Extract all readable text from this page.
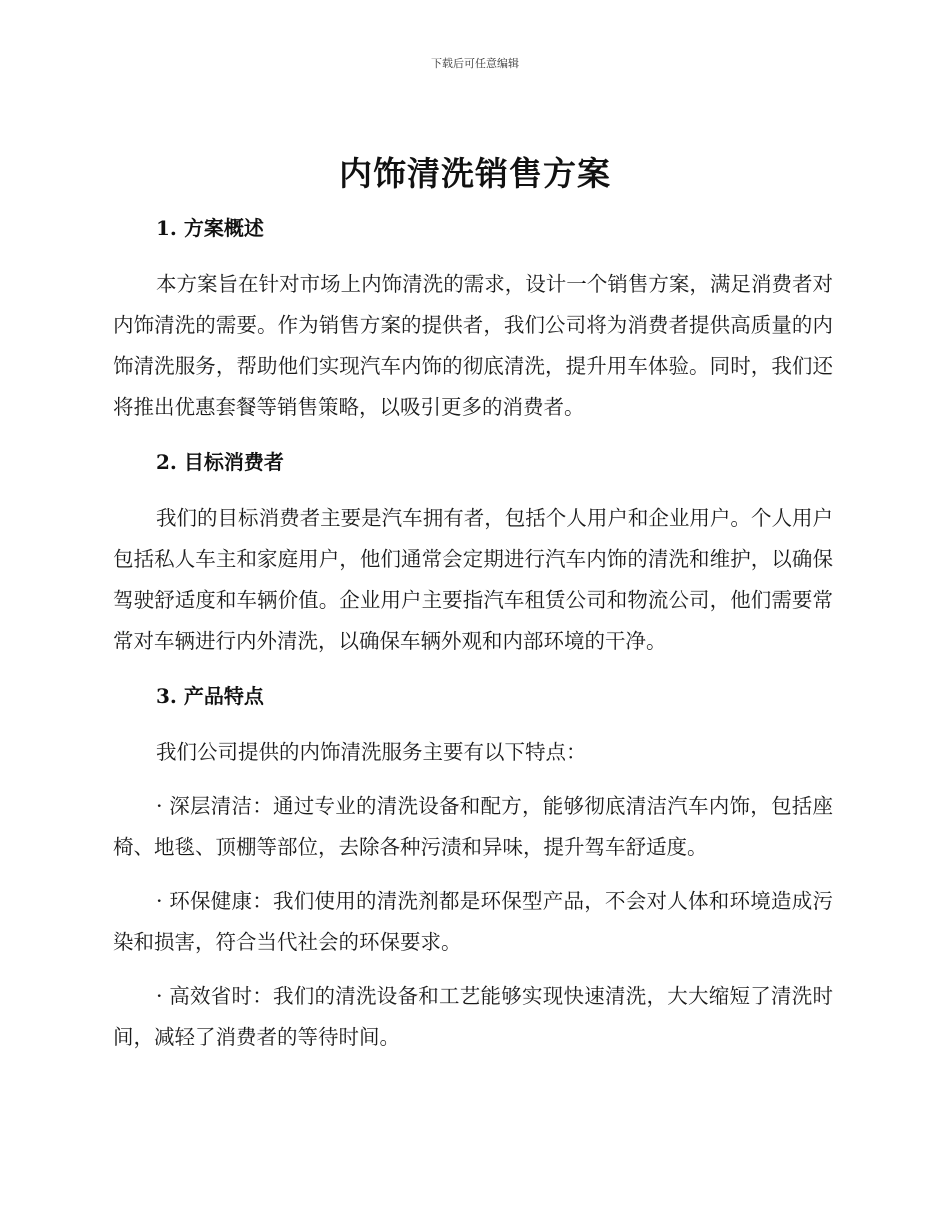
下载后可任意编辑
内饰清洗销售方案
1. 方案概述

本方案旨在针对市场上内饰清洗的需求，设计一个销售方案，满足消费者对内饰清洗的需要。作为销售方案的提供者，我们公司将为消费者提供高质量的内饰清洗服务，帮助他们实现汽车内饰的彻底清洗，提升用车体验。同时，我们还将推出优惠套餐等销售策略，以吸引更多的消费者。

2. 目标消费者

我们的目标消费者主要是汽车拥有者，包括个人用户和企业用户。个人用户包括私人车主和家庭用户，他们通常会定期进行汽车内饰的清洗和维护，以确保驾驶舒适度和车辆价值。企业用户主要指汽车租赁公司和物流公司，他们需要常常对车辆进行内外清洗，以确保车辆外观和内部环境的干净。

3. 产品特点

我们公司提供的内饰清洗服务主要有以下特点：

· 深层清洁：通过专业的清洗设备和配方，能够彻底清洁汽车内饰，包括座椅、地毯、顶棚等部位，去除各种污渍和异味，提升驾车舒适度。

· 环保健康：我们使用的清洗剂都是环保型产品，不会对人体和环境造成污染和损害，符合当代社会的环保要求。

· 高效省时：我们的清洗设备和工艺能够实现快速清洗，大大缩短了清洗时间，减轻了消费者的等待时间。
